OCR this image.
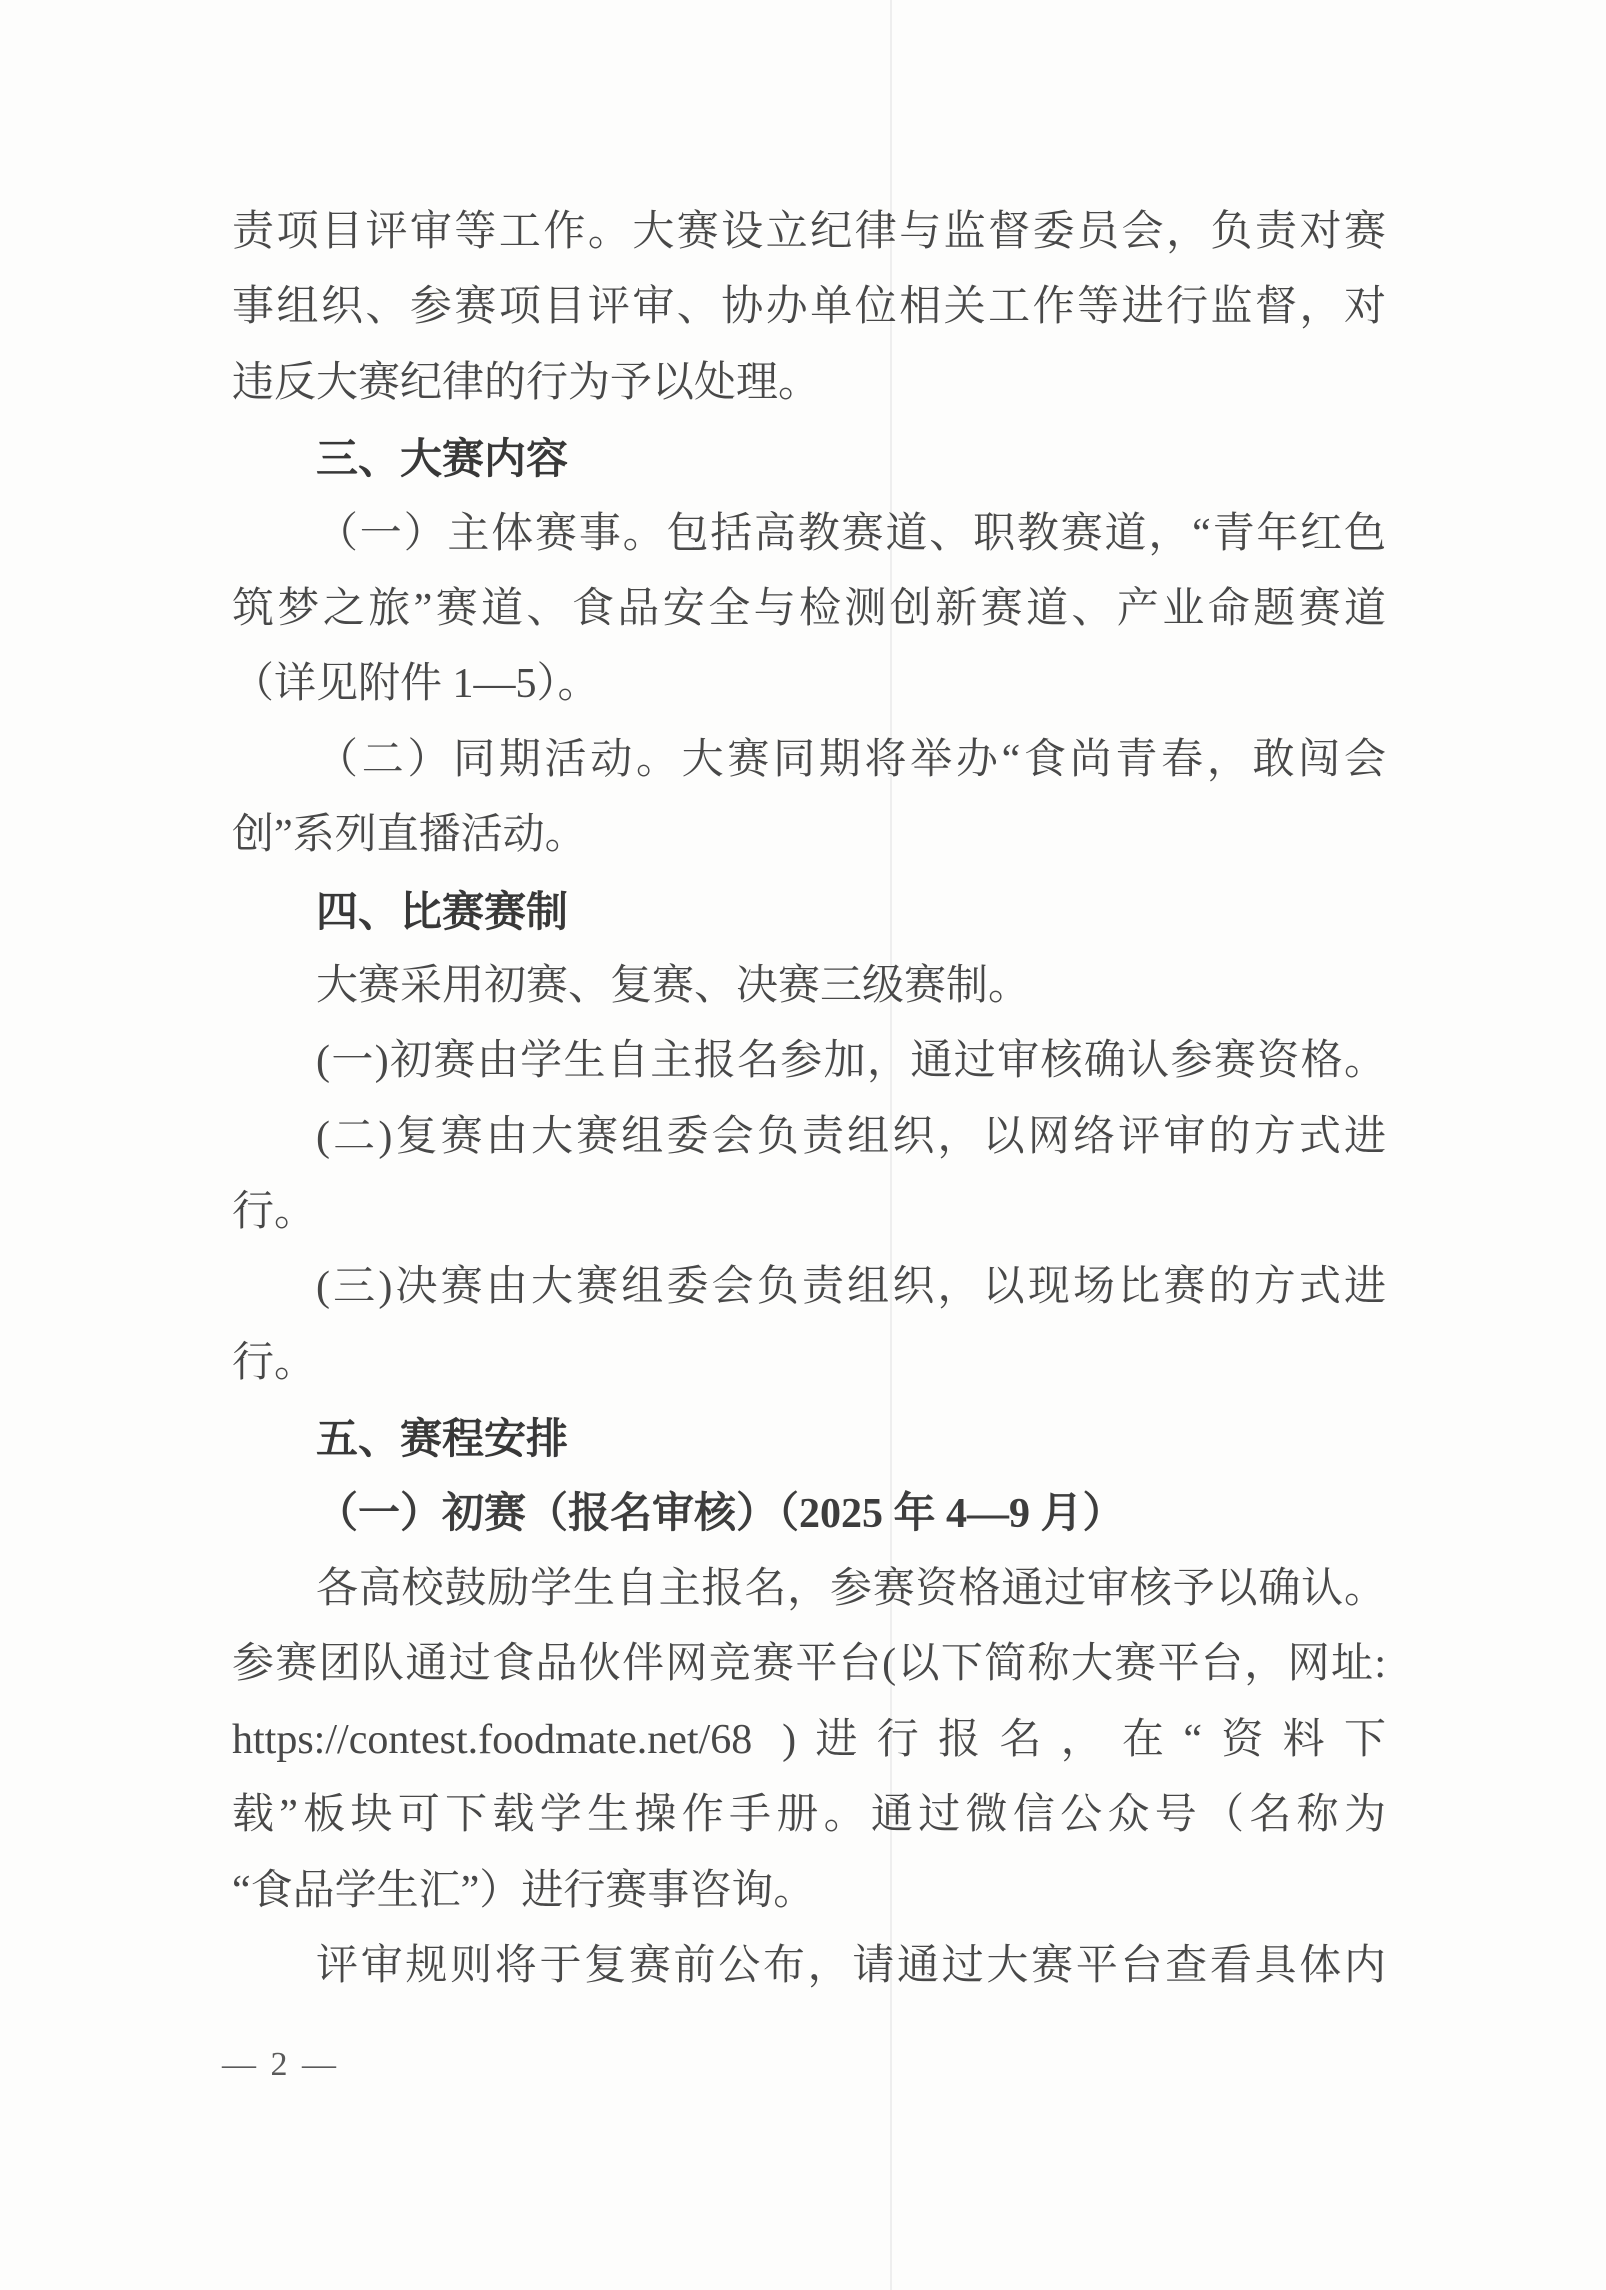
责项目评审等工作。大赛设立纪律与监督委员会，负责对赛
事组织、参赛项目评审、协办单位相关工作等进行监督，对
违反大赛纪律的行为予以处理。
三、大赛内容
（一）主体赛事。包括高教赛道、职教赛道，“青年红色
筑梦之旅”赛道、食品安全与检测创新赛道、产业命题赛道
（详见附件 1—5）。
（二）同期活动。大赛同期将举办“食尚青春，敢闯会
创”系列直播活动。
四、比赛赛制
大赛采用初赛、复赛、决赛三级赛制。
(一)初赛由学生自主报名参加，通过审核确认参赛资格。
(二)复赛由大赛组委会负责组织，以网络评审的方式进
行。
(三)决赛由大赛组委会负责组织，以现场比赛的方式进
行。
五、赛程安排
（一）初赛（报名审核）（2025 年 4—9 月）
各高校鼓励学生自主报名，参赛资格通过审核予以确认。
参赛团队通过食品伙伴网竞赛平台(以下简称大赛平台，网址:
https://contest.foodmate.net/68 )进行报名，在“资料下
载”板块可下载学生操作手册。通过微信公众号（名称为
“食品学生汇”）进行赛事咨询。
评审规则将于复赛前公布，请通过大赛平台查看具体内
— 2 —
